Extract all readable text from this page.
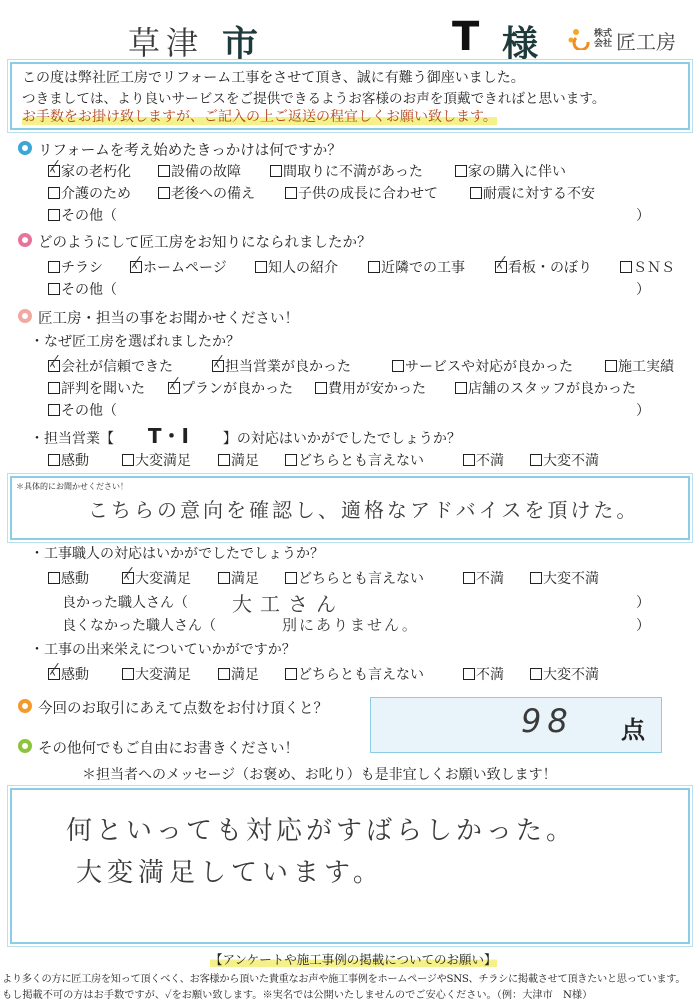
草津 市	T 様	株式
会社 匠工房
この度は弊社匠工房でリフォーム工事をさせて頂き、誠に有難う御座いました。
つきましては、より良いサービスをご提供できるようお客様のお声を頂戴できればと思います。
お手数をお掛け致しますが、ご記入の上ご返送の程宜しくお願い致します。
リフォームを考え始めたきっかけは何ですか？
家の老朽化	設備の故障	間取りに不満があった	家の購入に伴い
介護のため	老後への備え	子供の成長に合わせて	耐震に対する不安
その他（	）
どのようにして匠工房をお知りになられましたか？
チラシ	ホームページ	知人の紹介	近隣での工事	看板・のぼり	ＳＮＳ
その他（	）
匠工房・担当の事をお聞かせください！
・なぜ匠工房を選ばれましたか？
会社が信頼できた	担当営業が良かった	サービスや対応が良かった	施工実績
評判を聞いた	プランが良かった	費用が安かった	店舗のスタッフが良かった
その他（	）
・担当営業【 T・I 】の対応はいかがでしたでしょうか？
感動	大変満足	満足	どちらとも言えない	不満	大変不満
＊具体的にお聞かせください！
こちらの意向を確認し、適格なアドバイスを頂けた。
・工事職人の対応はいかがでしたでしょうか？
感動	大変満足	満足	どちらとも言えない	不満	大変不満
良かった職人さん（ 大工さん	）
良くなかった職人さん（	別にありません。	）
・工事の出来栄えについていかがですか？
感動	大変満足	満足	どちらとも言えない	不満	大変不満
今回のお取引にあえて点数をお付け頂くと？	98 点
その他何でもご自由にお書きください！
＊担当者へのメッセージ（お褒め、お叱り）も是非宜しくお願い致します！
何といっても対応がすばらしかった。
大変満足しています。
【アンケートや施工事例の掲載についてのお願い】
より多くの方に匠工房を知って頂くべく、お客様から頂いた貴重なお声や施工事例をホームページやSNS、チラシに掲載させて頂きたいと思っています。
もし掲載不可の方はお手数ですが、✓をお願い致します。※実名では公開いたしませんのでご安心ください。（例：大津市　N様）
